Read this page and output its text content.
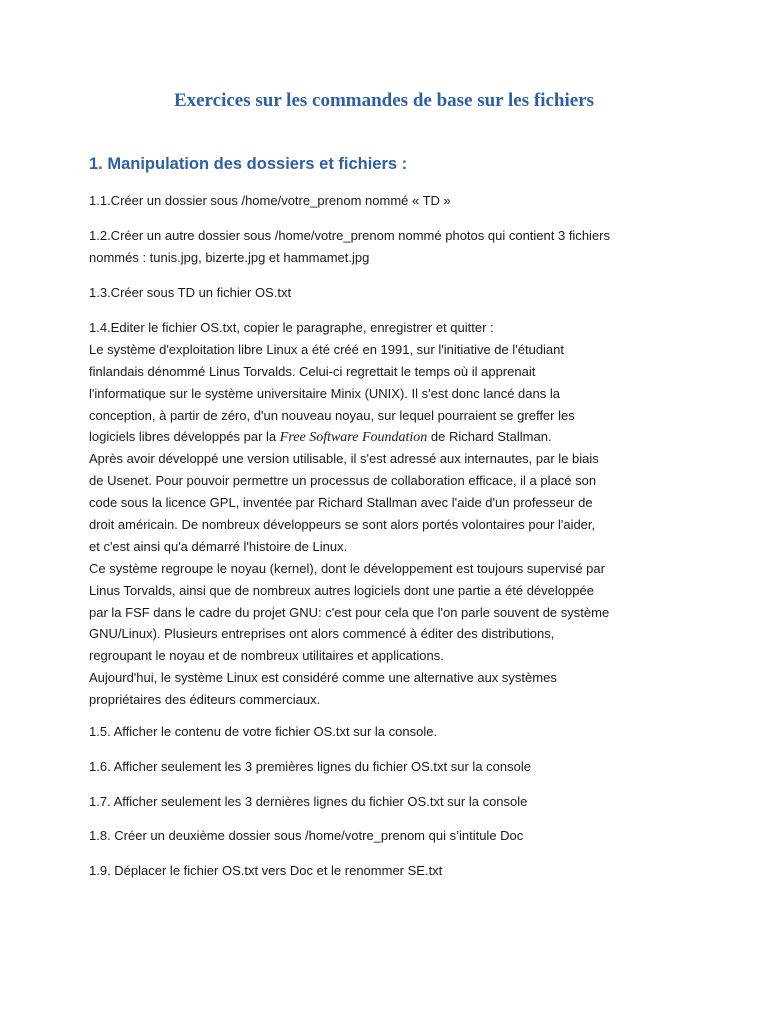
Exercices sur les commandes de base sur les fichiers
1. Manipulation des dossiers et fichiers :

1.1.Créer un dossier sous /home/votre_prenom nommé « TD »

1.2.Créer un autre dossier sous /home/votre_prenom nommé photos qui contient 3 fichiers
nommés : tunis.jpg, bizerte.jpg et hammamet.jpg

1.3.Créer sous TD un fichier OS.txt

1.4.Editer le fichier OS.txt, copier le paragraphe, enregistrer et quitter :
Le système d'exploitation libre Linux a été créé en 1991, sur l'initiative de l'étudiant
finlandais dénommé Linus Torvalds. Celui-ci regrettait le temps où il apprenait
l'informatique sur le système universitaire Minix (UNIX). Il s'est donc lancé dans la
conception, à partir de zéro, d'un nouveau noyau, sur lequel pourraient se greffer les
logiciels libres développés par la Free Software Foundation de Richard Stallman.
Après avoir développé une version utilisable, il s'est adressé aux internautes, par le biais
de Usenet. Pour pouvoir permettre un processus de collaboration efficace, il a placé son
code sous la licence GPL, inventée par Richard Stallman avec l'aide d'un professeur de
droit américain. De nombreux développeurs se sont alors portés volontaires pour l'aider,
et c'est ainsi qu'a démarré l'histoire de Linux.
Ce système regroupe le noyau (kernel), dont le développement est toujours supervisé par
Linus Torvalds, ainsi que de nombreux autres logiciels dont une partie a été développée
par la FSF dans le cadre du projet GNU: c'est pour cela que l'on parle souvent de système
GNU/Linux). Plusieurs entreprises ont alors commencé à éditer des distributions,
regroupant le noyau et de nombreux utilitaires et applications.
Aujourd'hui, le système Linux est considéré comme une alternative aux systèmes
propriétaires des éditeurs commerciaux.

1.5. Afficher le contenu de votre fichier OS.txt sur la console.

1.6. Afficher seulement les 3 premières lignes du fichier OS.txt sur la console

1.7. Afficher seulement les 3 dernières lignes du fichier OS.txt sur la console

1.8. Créer un deuxième dossier sous /home/votre_prenom qui s’intitule Doc

1.9. Déplacer le fichier OS.txt vers Doc et le renommer SE.txt
